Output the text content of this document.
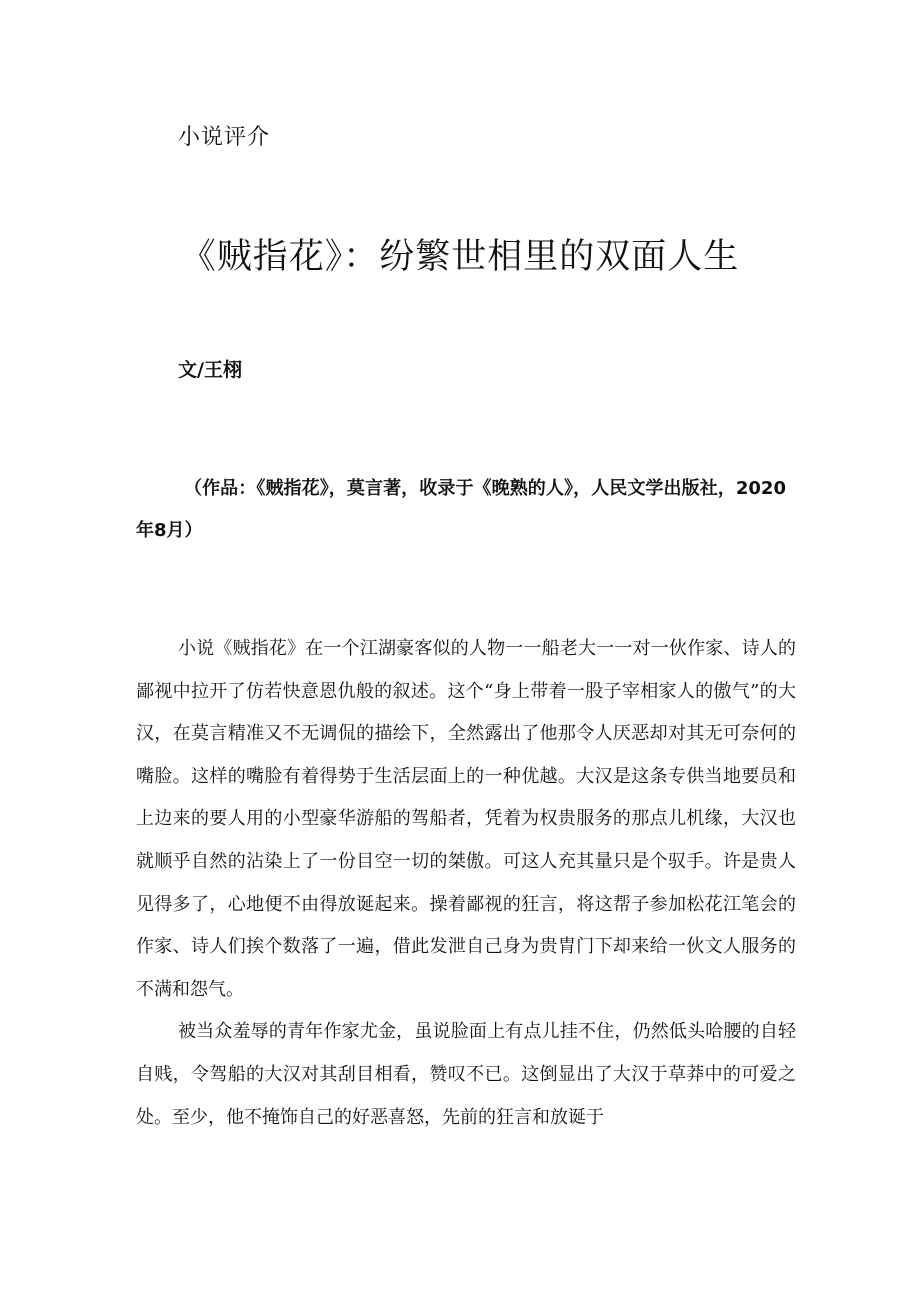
小说评介
《贼指花》：纷繁世相里的双面人生
文/王栩
（作品：《贼指花》，莫言著，收录于《晚熟的人》，人民文学出版社，2020年8月）

小说《贼指花》在一个江湖豪客似的人物一一船老大一一对一伙作家、诗人的鄙视中拉开了仿若快意恩仇般的叙述。这个“身上带着一股子宰相家人的傲气”的大汉，在莫言精准又不无调侃的描绘下，全然露出了他那令人厌恶却对其无可奈何的嘴脸。这样的嘴脸有着得势于生活层面上的一种优越。大汉是这条专供当地要员和上边来的要人用的小型豪华游船的驾船者，凭着为权贵服务的那点儿机缘，大汉也就顺乎自然的沾染上了一份目空一切的桀傲。可这人充其量只是个驭手。许是贵人见得多了，心地便不由得放诞起来。操着鄙视的狂言，将这帮子参加松花江笔会的作家、诗人们挨个数落了一遍，借此发泄自己身为贵胄门下却来给一伙文人服务的不满和怨气。

被当众羞辱的青年作家尤金，虽说脸面上有点儿挂不住，仍然低头哈腰的自轻自贱，令驾船的大汉对其刮目相看，赞叹不已。这倒显出了大汉于草莽中的可爱之处。至少，他不掩饰自己的好恶喜怒，先前的狂言和放诞于
